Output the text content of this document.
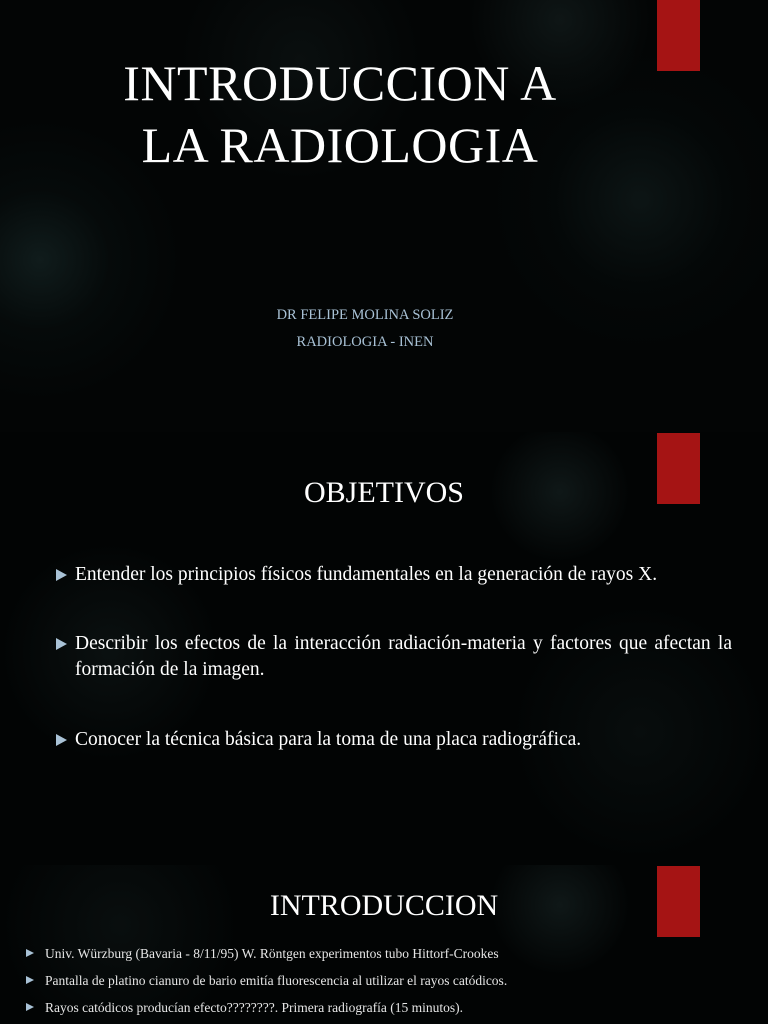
INTRODUCCION A
LA RADIOLOGIA
DR FELIPE MOLINA SOLIZ
RADIOLOGIA - INEN
OBJETIVOS
Entender los principios físicos fundamentales en la generación de rayos X.
Describir los efectos de la interacción radiación-materia y factores que afectan la formación de la imagen.
Conocer la técnica básica para la toma de una placa radiográfica.
INTRODUCCION
Univ. Würzburg (Bavaria - 8/11/95) W. Röntgen experimentos tubo Hittorf-Crookes
Pantalla de platino cianuro de bario emitía fluorescencia al utilizar el rayos catódicos.
Rayos catódicos producían efecto????????. Primera radiografía (15 minutos).
